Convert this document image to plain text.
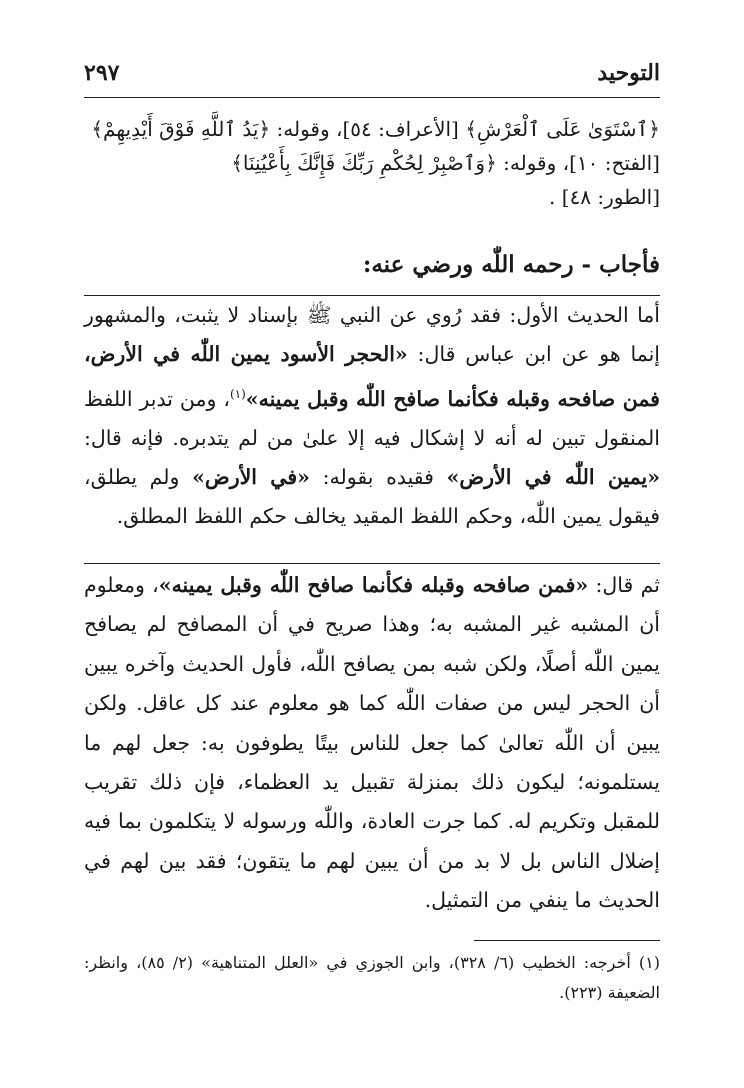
التوحيد
٢٩٧

﴿ٱسْتَوَىٰ عَلَى ٱلْعَرْشِ﴾ [الأعراف: ٥٤]، وقوله: ﴿يَدُ ٱللَّهِ فَوْقَ أَيْدِيهِمْ﴾

[الفتح: ١٠]، وقوله: ﴿وَٱصْبِرْ لِحُكْمِ رَبِّكَ فَإِنَّكَ بِأَعْيُنِنَا﴾

[الطور: ٤٨] .

فأجاب - رحمه اللّٰه ورضي عنه:

أما الحديث الأول: فقد رُوي عن النبي ﷺ بإسناد لا يثبت، والمشهور إنما هو عن ابن عباس قال: «الحجر الأسود يمين اللّٰه في الأرض، فمن صافحه وقبله فكأنما صافح اللّٰه وقبل يمينه»$^{(١)}$، ومن تدبر اللفظ المنقول تبين له أنه لا إشكال فيه إلا علىٰ من لم يتدبره. فإنه قال: «يمين اللّٰه في الأرض» فقيده بقوله: «في الأرض» ولم يطلق، فيقول يمين اللّٰه، وحكم اللفظ المقيد يخالف حكم اللفظ المطلق.

ثم قال: «فمن صافحه وقبله فكأنما صافح اللّٰه وقبل يمينه»، ومعلوم أن المشبه غير المشبه به؛ وهذا صريح في أن المصافح لم يصافح يمين اللّٰه أصلًا، ولكن شبه بمن يصافح اللّٰه، فأول الحديث وآخره يبين أن الحجر ليس من صفات اللّٰه كما هو معلوم عند كل عاقل. ولكن يبين أن اللّٰه تعالىٰ كما جعل للناس بيتًا يطوفون به: جعل لهم ما يستلمونه؛ ليكون ذلك بمنزلة تقبيل يد العظماء، فإن ذلك تقريب للمقبل وتكريم له. كما جرت العادة، واللّٰه ورسوله لا يتكلمون بما فيه إضلال الناس بل لا بد من أن يبين لهم ما يتقون؛ فقد بين لهم في الحديث ما ينفي من التمثيل.

(١) أخرجه: الخطيب (٦/ ٣٢٨)، وابن الجوزي في «العلل المتناهية» (٢/ ٨٥)، وانظر: الضعيفة (٢٢٣).
